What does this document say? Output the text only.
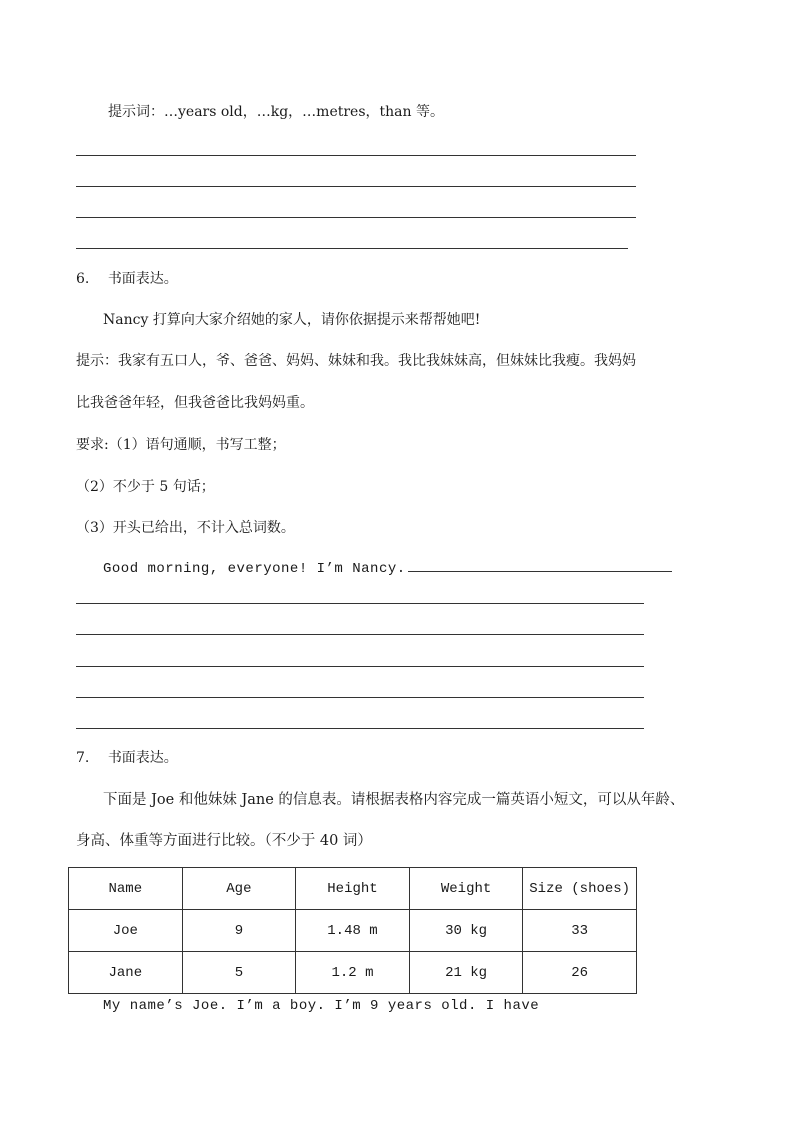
提示词：…years old，…kg，…metres，than 等。
6. 书面表达。
Nancy 打算向大家介绍她的家人，请你依据提示来帮帮她吧!
提示：我家有五口人，爷、爸爸、妈妈、妹妹和我。我比我妹妹高，但妹妹比我瘦。我妈妈
比我爸爸年轻，但我爸爸比我妈妈重。
要求:（1）语句通顺，书写工整；
（2）不少于 5 句话；
（3）开头已给出，不计入总词数。
Good morning, everyone! I’m Nancy.
7. 书面表达。
下面是 Joe 和他妹妹 Jane 的信息表。请根据表格内容完成一篇英语小短文，可以从年龄、
身高、体重等方面进行比较。（不少于 40 词）
Name	Age	Height	Weight	Size (shoes)
Joe	9	1.48 m	30 kg	33
Jane	5	1.2 m	21 kg	26
My name’s Joe. I’m a boy. I’m 9 years old. I have
